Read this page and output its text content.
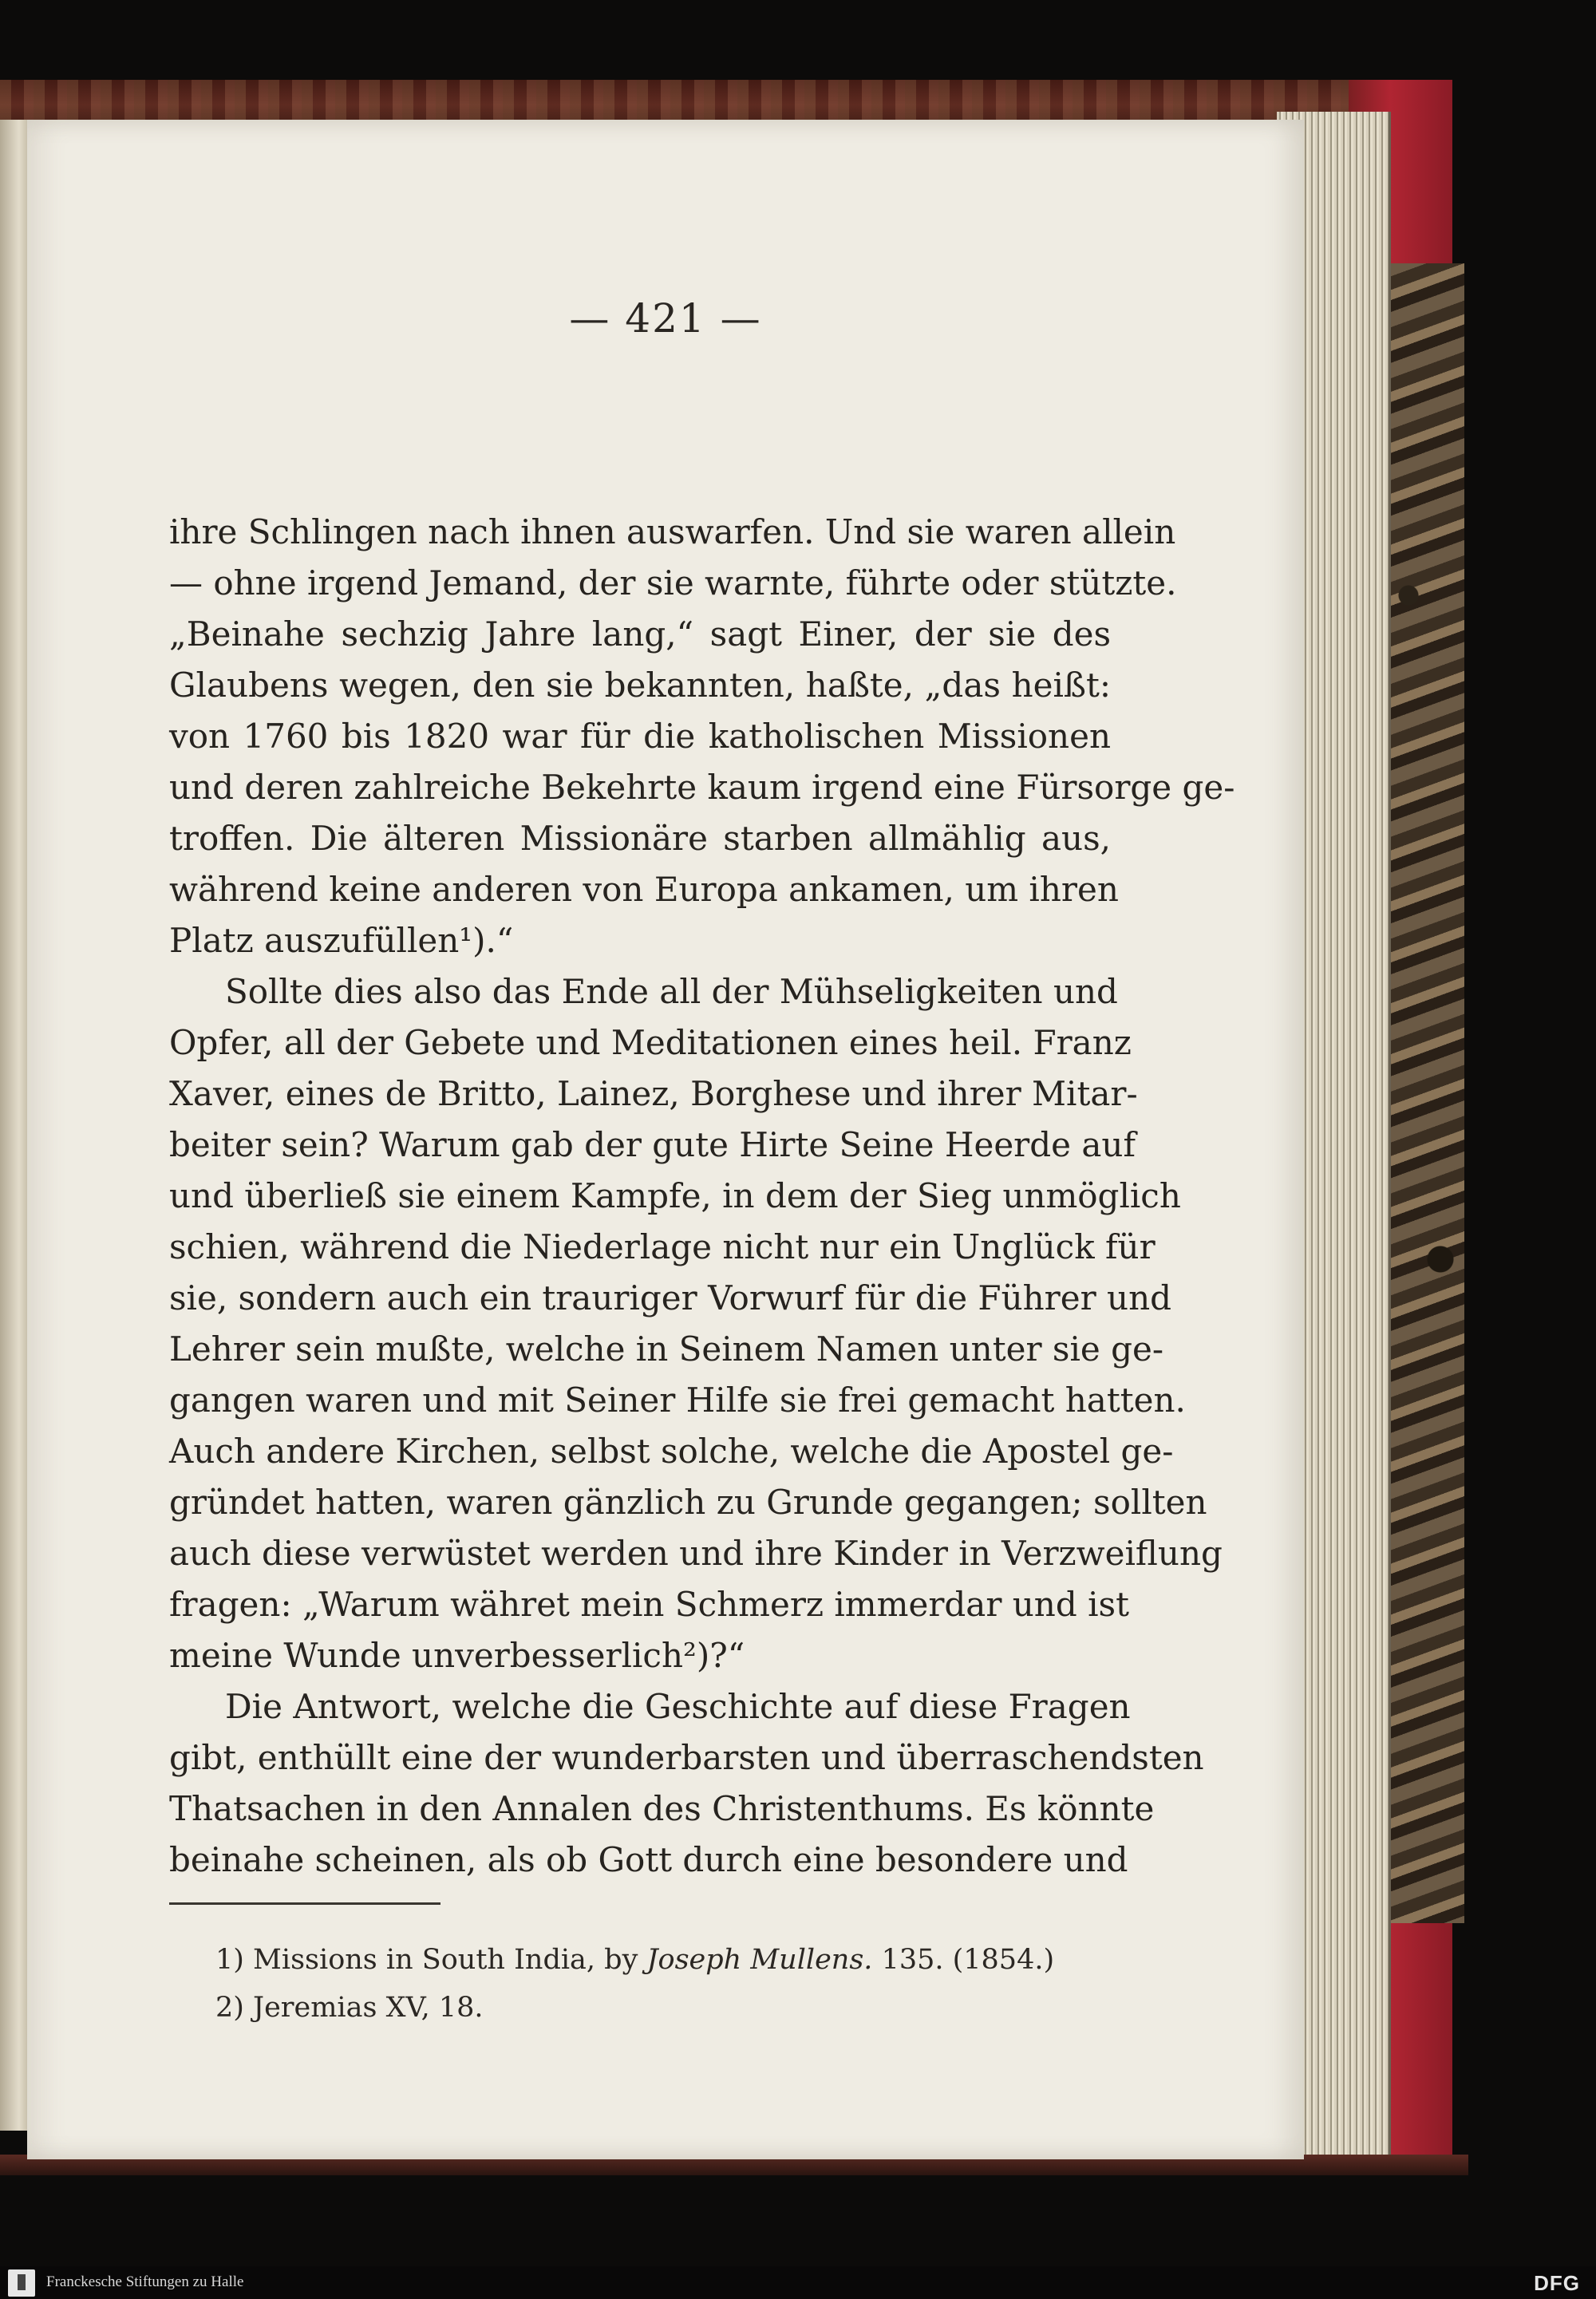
— 421 —
ihre Schlingen nach ihnen auswarfen. Und sie waren allein
— ohne irgend Jemand, der sie warnte, führte oder stützte.
„Beinahe sechzig Jahre lang,“ sagt Einer, der sie des
Glaubens wegen, den sie bekannten, haßte, „das heißt:
von 1760 bis 1820 war für die katholischen Missionen
und deren zahlreiche Bekehrte kaum irgend eine Fürsorge ge-
troffen. Die älteren Missionäre starben allmählig aus,
während keine anderen von Europa ankamen, um ihren
Platz auszufüllen¹).“
Sollte dies also das Ende all der Mühseligkeiten und
Opfer, all der Gebete und Meditationen eines heil. Franz
Xaver, eines de Britto, Lainez, Borghese und ihrer Mitar-
beiter sein? Warum gab der gute Hirte Seine Heerde auf
und überließ sie einem Kampfe, in dem der Sieg unmöglich
schien, während die Niederlage nicht nur ein Unglück für
sie, sondern auch ein trauriger Vorwurf für die Führer und
Lehrer sein mußte, welche in Seinem Namen unter sie ge-
gangen waren und mit Seiner Hilfe sie frei gemacht hatten.
Auch andere Kirchen, selbst solche, welche die Apostel ge-
gründet hatten, waren gänzlich zu Grunde gegangen; sollten
auch diese verwüstet werden und ihre Kinder in Verzweiflung
fragen: „Warum währet mein Schmerz immerdar und ist
meine Wunde unverbesserlich²)?“
Die Antwort, welche die Geschichte auf diese Fragen
gibt, enthüllt eine der wunderbarsten und überraschendsten
Thatsachen in den Annalen des Christenthums. Es könnte
beinahe scheinen, als ob Gott durch eine besondere und
1) Missions in South India, by Joseph Mullens. 135. (1854.)
2) Jeremias XV, 18.
Franckesche Stiftungen zu Halle	DFG
